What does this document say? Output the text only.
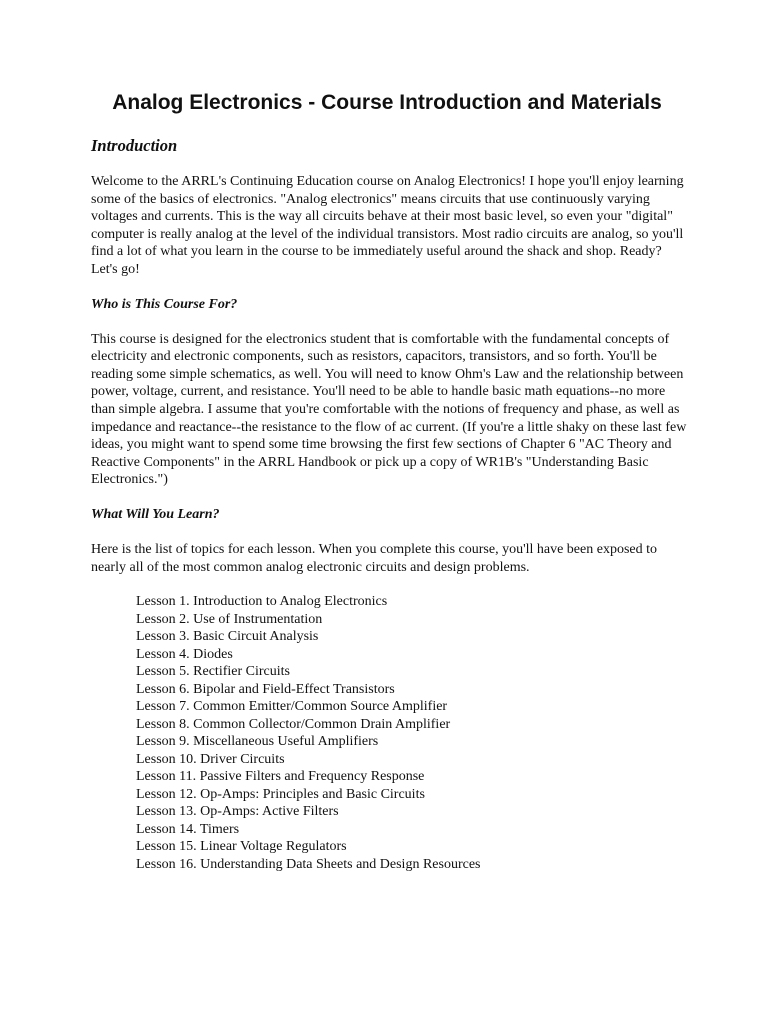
Analog Electronics - Course Introduction and Materials
Introduction

Welcome to the ARRL's Continuing Education course on Analog Electronics! I hope you'll enjoy learning some of the basics of electronics. "Analog electronics" means circuits that use continuously varying voltages and currents. This is the way all circuits behave at their most basic level, so even your "digital" computer is really analog at the level of the individual transistors. Most radio circuits are analog, so you'll find a lot of what you learn in the course to be immediately useful around the shack and shop. Ready? Let's go!

Who is This Course For?

This course is designed for the electronics student that is comfortable with the fundamental concepts of electricity and electronic components, such as resistors, capacitors, transistors, and so forth. You'll be reading some simple schematics, as well. You will need to know Ohm's Law and the relationship between power, voltage, current, and resistance. You'll need to be able to handle basic math equations--no more than simple algebra. I assume that you're comfortable with the notions of frequency and phase, as well as impedance and reactance--the resistance to the flow of ac current. (If you're a little shaky on these last few ideas, you might want to spend some time browsing the first few sections of Chapter 6 "AC Theory and Reactive Components" in the ARRL Handbook or pick up a copy of WR1B's "Understanding Basic Electronics.")

What Will You Learn?

Here is the list of topics for each lesson. When you complete this course, you'll have been exposed to nearly all of the most common analog electronic circuits and design problems.

Lesson 1. Introduction to Analog Electronics
Lesson 2. Use of Instrumentation
Lesson 3. Basic Circuit Analysis
Lesson 4. Diodes
Lesson 5. Rectifier Circuits
Lesson 6. Bipolar and Field-Effect Transistors
Lesson 7. Common Emitter/Common Source Amplifier
Lesson 8. Common Collector/Common Drain Amplifier
Lesson 9. Miscellaneous Useful Amplifiers
Lesson 10. Driver Circuits
Lesson 11. Passive Filters and Frequency Response
Lesson 12. Op-Amps: Principles and Basic Circuits
Lesson 13. Op-Amps: Active Filters
Lesson 14. Timers
Lesson 15. Linear Voltage Regulators
Lesson 16. Understanding Data Sheets and Design Resources
